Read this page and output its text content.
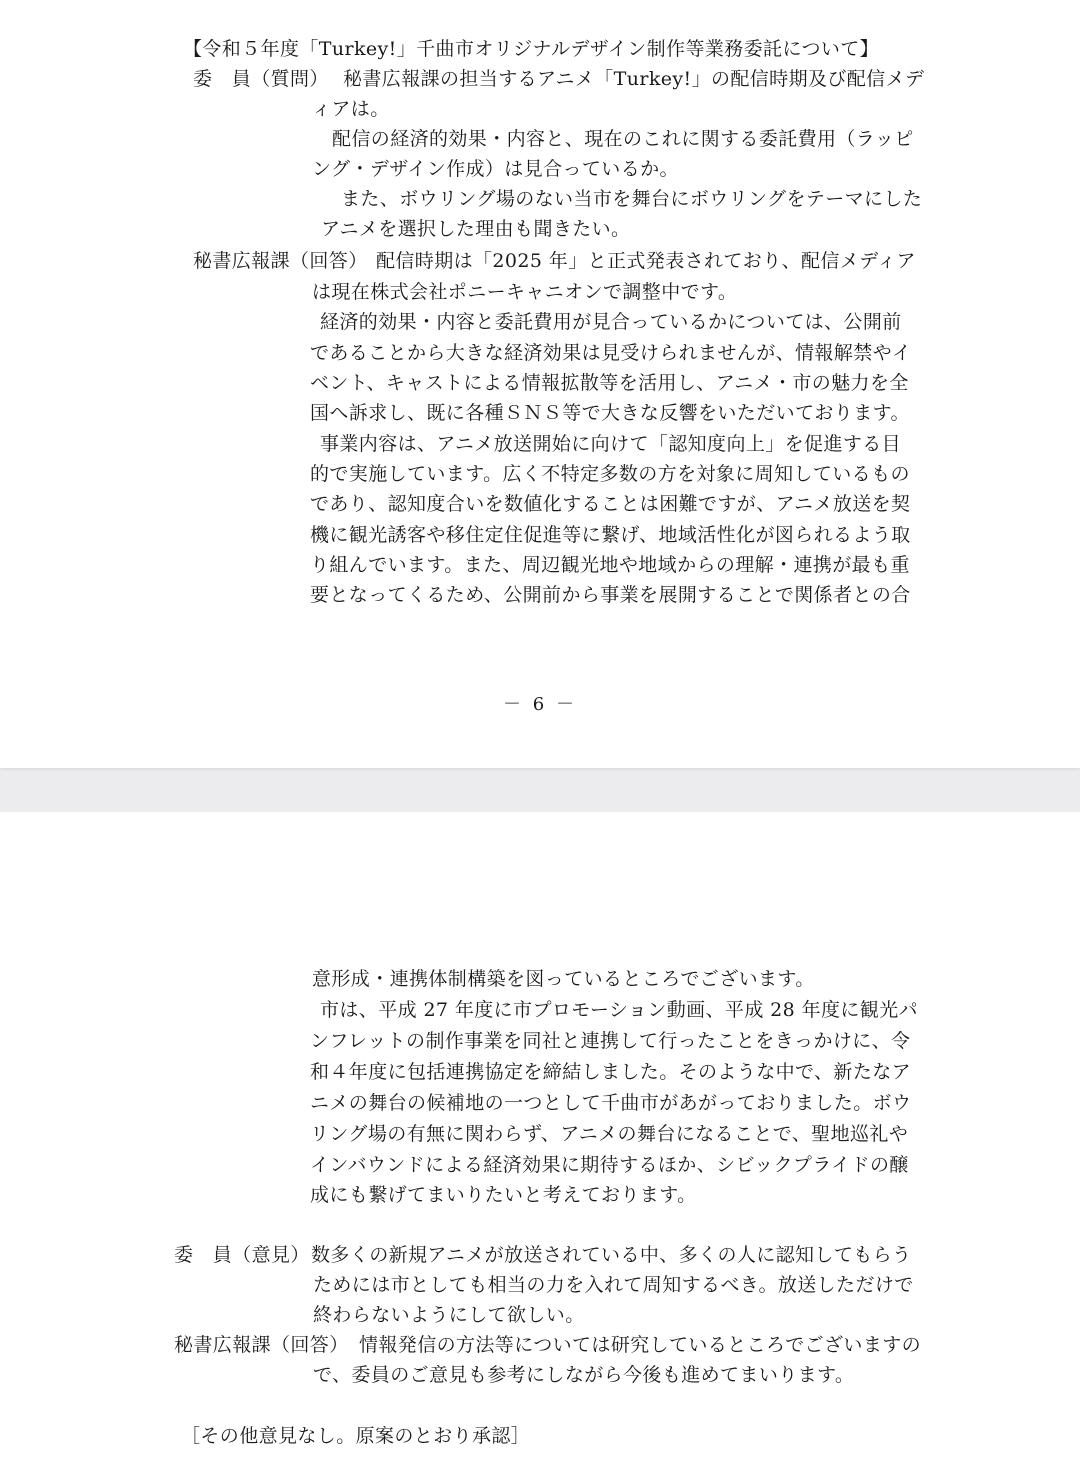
【令和５年度「Turkey!」千曲市オリジナルデザイン制作等業務委託について】
委　員（質問） 秘書広報課の担当するアニメ「Turkey!」の配信時期及び配信メデ
ィアは。
配信の経済的効果・内容と、現在のこれに関する委託費用（ラッピ
ング・デザイン作成）は見合っているか。
また、ボウリング場のない当市を舞台にボウリングをテーマにした
アニメを選択した理由も聞きたい。
秘書広報課（回答） 配信時期は「2025 年」と正式発表されており、配信メディア
は現在株式会社ポニーキャニオンで調整中です。
経済的効果・内容と委託費用が見合っているかについては、公開前
であることから大きな経済効果は見受けられませんが、情報解禁やイ
ベント、キャストによる情報拡散等を活用し、アニメ・市の魅力を全
国へ訴求し、既に各種ＳＮＳ等で大きな反響をいただいております。
事業内容は、アニメ放送開始に向けて「認知度向上」を促進する目
的で実施しています。広く不特定多数の方を対象に周知しているもの
であり、認知度合いを数値化することは困難ですが、アニメ放送を契
機に観光誘客や移住定住促進等に繋げ、地域活性化が図られるよう取
り組んでいます。また、周辺観光地や地域からの理解・連携が最も重
要となってくるため、公開前から事業を展開することで関係者との合
－ 6 －
意形成・連携体制構築を図っているところでございます。
市は、平成 27 年度に市プロモーション動画、平成 28 年度に観光パ
ンフレットの制作事業を同社と連携して行ったことをきっかけに、令
和４年度に包括連携協定を締結しました。そのような中で、新たなア
ニメの舞台の候補地の一つとして千曲市があがっておりました。ボウ
リング場の有無に関わらず、アニメの舞台になることで、聖地巡礼や
インバウンドによる経済効果に期待するほか、シビックプライドの醸
成にも繋げてまいりたいと考えております。
委　員（意見） 数多くの新規アニメが放送されている中、多くの人に認知してもらう
ためには市としても相当の力を入れて周知するべき。放送しただけで
終わらないようにして欲しい。
秘書広報課（回答） 情報発信の方法等については研究しているところでございますの
で、委員のご意見も参考にしながら今後も進めてまいります。
［その他意見なし。原案のとおり承認］
